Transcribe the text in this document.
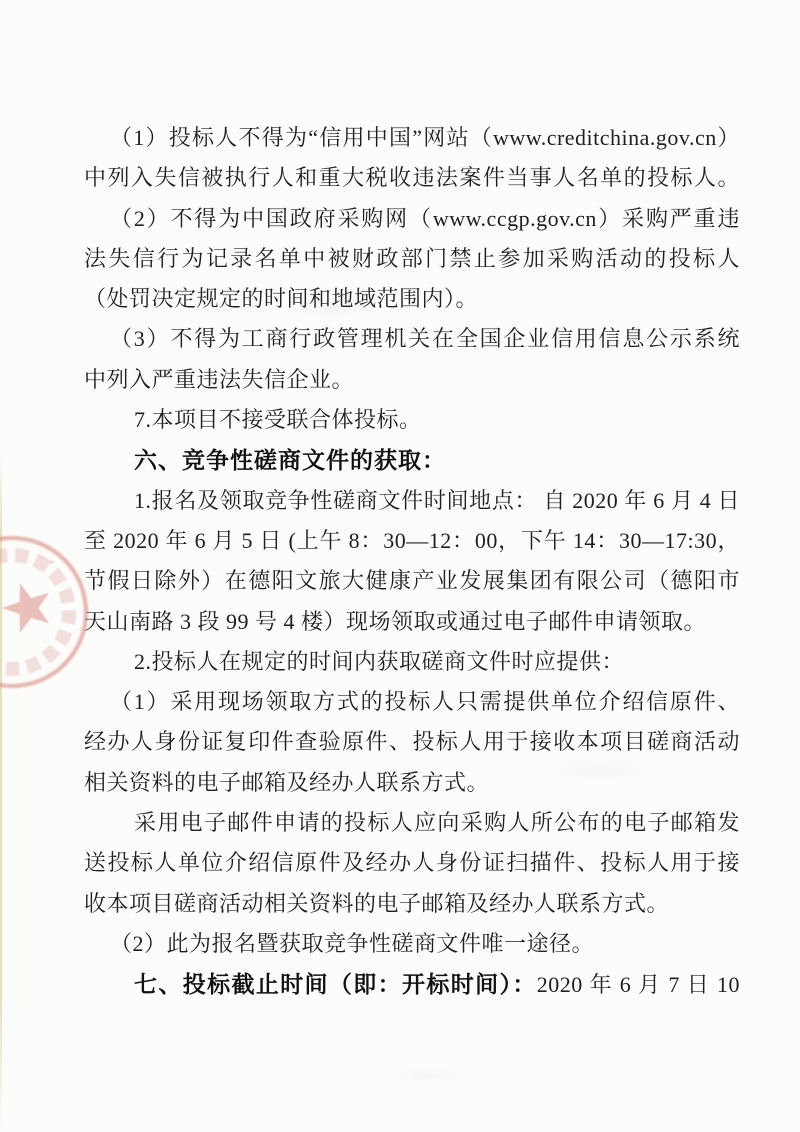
（1）投标人不得为“信用中国”网站（www.creditchina.gov.cn）
中列入失信被执行人和重大税收违法案件当事人名单的投标人。
（2）不得为中国政府采购网（www.ccgp.gov.cn）采购严重违
法失信行为记录名单中被财政部门禁止参加采购活动的投标人
（处罚决定规定的时间和地域范围内）。
（3）不得为工商行政管理机关在全国企业信用信息公示系统
中列入严重违法失信企业。
7.本项目不接受联合体投标。
六、竞争性磋商文件的获取：
1.报名及领取竞争性磋商文件时间地点： 自 2020 年 6 月 4 日
至 2020 年 6 月 5 日 (上午 8：30—12：00，下午 14：30—17:30，
节假日除外）在德阳文旅大健康产业发展集团有限公司（德阳市
天山南路 3 段 99 号 4 楼）现场领取或通过电子邮件申请领取。
2.投标人在规定的时间内获取磋商文件时应提供：
（1）采用现场领取方式的投标人只需提供单位介绍信原件、
经办人身份证复印件查验原件、投标人用于接收本项目磋商活动
相关资料的电子邮箱及经办人联系方式。
采用电子邮件申请的投标人应向采购人所公布的电子邮箱发
送投标人单位介绍信原件及经办人身份证扫描件、投标人用于接
收本项目磋商活动相关资料的电子邮箱及经办人联系方式。
（2）此为报名暨获取竞争性磋商文件唯一途径。
七、投标截止时间（即：开标时间）：2020 年 6 月 7 日 10
